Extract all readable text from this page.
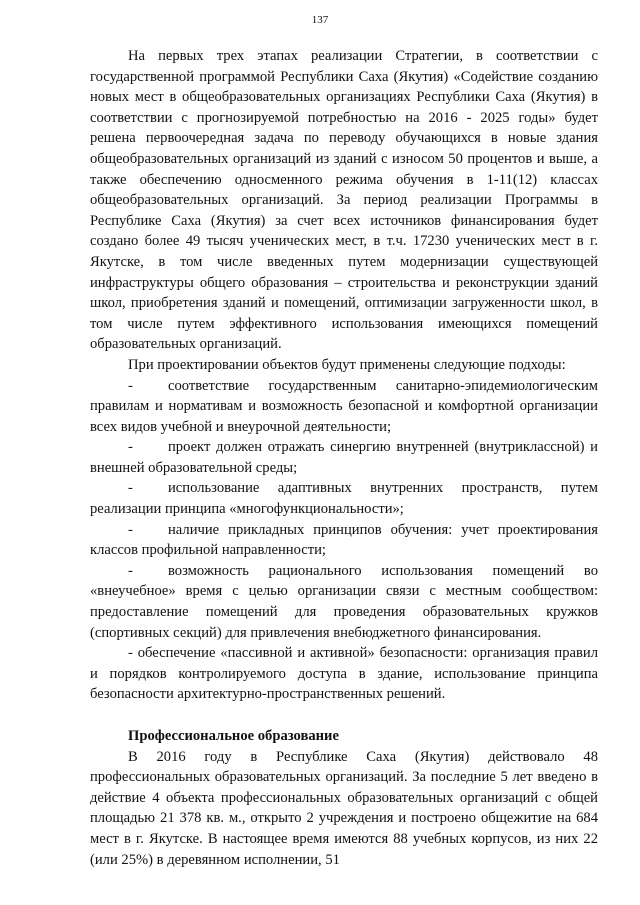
137

На первых трех этапах реализации Стратегии, в соответствии с государственной программой Республики Саха (Якутия) «Содействие созданию новых мест в общеобразовательных организациях Республики Саха (Якутия) в соответствии с прогнозируемой потребностью на 2016 - 2025 годы» будет решена первоочередная задача по переводу обучающихся в новые здания общеобразовательных организаций из зданий с износом 50 процентов и выше, а также обеспечению односменного режима обучения в 1-11(12) классах общеобразовательных организаций. За период реализации Программы в Республике Саха (Якутия) за счет всех источников финансирования будет создано более 49 тысяч ученических мест, в т.ч. 17230 ученических мест в г. Якутске, в том числе введенных путем модернизации существующей инфраструктуры общего образования – строительства и реконструкции зданий школ, приобретения зданий и помещений, оптимизации загруженности школ, в том числе путем эффективного использования имеющихся помещений образовательных организаций.

При проектировании объектов будут применены следующие подходы:

- соответствие государственным санитарно-эпидемиологическим правилам и нормативам и возможность безопасной и комфортной организации всех видов учебной и внеурочной деятельности;

- проект должен отражать синергию внутренней (внутриклассной) и внешней образовательной среды;

- использование адаптивных внутренних пространств, путем реализации принципа «многофункциональности»;

- наличие прикладных принципов обучения: учет проектирования классов профильной направленности;

- возможность рационального использования помещений во «внеучебное» время с целью организации связи с местным сообществом: предоставление помещений для проведения образовательных кружков (спортивных секций) для привлечения внебюджетного финансирования.

- обеспечение «пассивной и активной» безопасности: организация правил и порядков контролируемого доступа в здание, использование принципа безопасности архитектурно-пространственных решений.

Профессиональное образование

В 2016 году в Республике Саха (Якутия) действовало 48 профессиональных образовательных организаций. За последние 5 лет введено в действие 4 объекта профессиональных образовательных организаций с общей площадью 21 378 кв. м., открыто 2 учреждения и построено общежитие на 684 мест в г. Якутске. В настоящее время имеются 88 учебных корпусов, из них 22 (или 25%) в деревянном исполнении, 51
